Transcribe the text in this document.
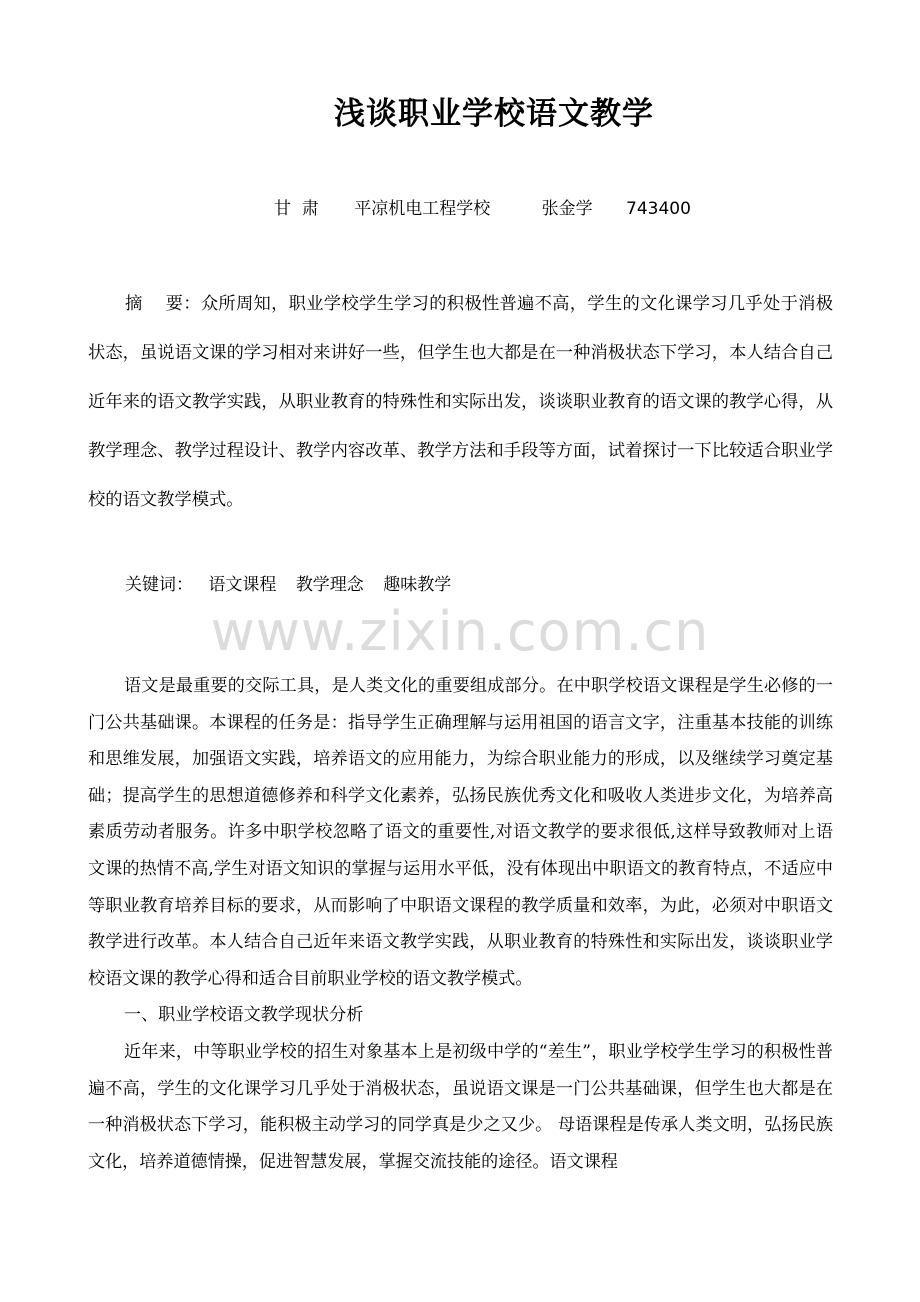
浅谈职业学校语文教学
甘  肃 平凉机电工程学校	张金学 743400

摘    要：众所周知，职业学校学生学习的积极性普遍不高，学生的文化课学习几乎处于消极状态，虽说语文课的学习相对来讲好一些，但学生也大都是在一种消极状态下学习，本人结合自己近年来的语文教学实践，从职业教育的特殊性和实际出发，谈谈职业教育的语文课的教学心得，从教学理念、教学过程设计、教学内容改革、教学方法和手段等方面，试着探讨一下比较适合职业学校的语文教学模式。

关键词： 语文课程 教学理念 趣味教学

www.zixin.com.cn

语文是最重要的交际工具，是人类文化的重要组成部分。在中职学校语文课程是学生必修的一门公共基础课。本课程的任务是：指导学生正确理解与运用祖国的语言文字，注重基本技能的训练和思维发展，加强语文实践，培养语文的应用能力，为综合职业能力的形成，以及继续学习奠定基础；提高学生的思想道德修养和科学文化素养，弘扬民族优秀文化和吸收人类进步文化，为培养高素质劳动者服务。许多中职学校忽略了语文的重要性,对语文教学的要求很低,这样导致教师对上语文课的热情不高,学生对语文知识的掌握与运用水平低，没有体现出中职语文的教育特点，不适应中等职业教育培养目标的要求，从而影响了中职语文课程的教学质量和效率，为此，必须对中职语文教学进行改革。本人结合自己近年来语文教学实践，从职业教育的特殊性和实际出发，谈谈职业学校语文课的教学心得和适合目前职业学校的语文教学模式。

一、职业学校语文教学现状分析

近年来，中等职业学校的招生对象基本上是初级中学的“差生”，职业学校学生学习的积极性普遍不高，学生的文化课学习几乎处于消极状态，虽说语文课是一门公共基础课，但学生也大都是在一种消极状态下学习，能积极主动学习的同学真是少之又少。 母语课程是传承人类文明，弘扬民族文化，培养道德情操，促进智慧发展，掌握交流技能的途径。语文课程
